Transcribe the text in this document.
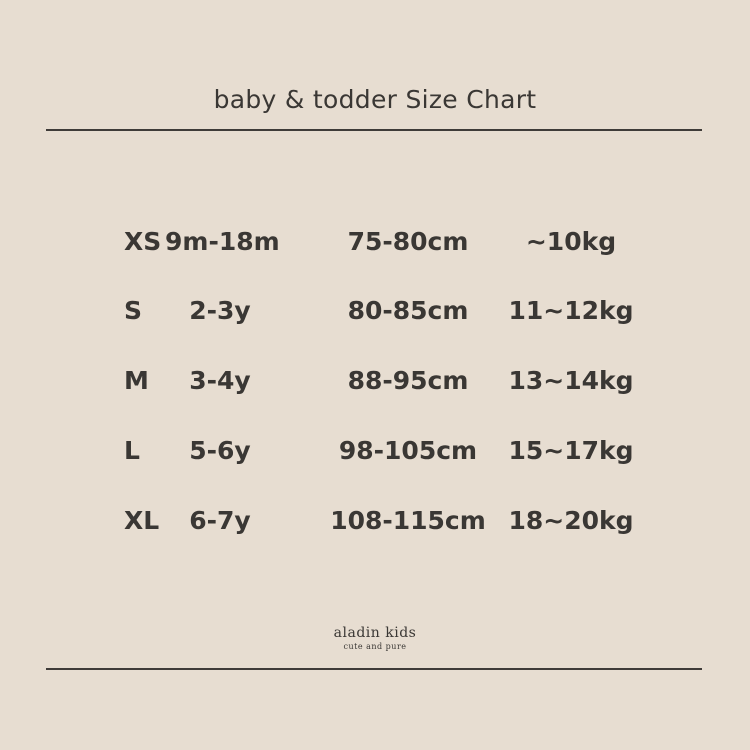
baby & todder Size Chart
XS 9m-18m	75-80cm	~10kg
S	2-3y	80-85cm	11~12kg
M	3-4y	88-95cm	13~14kg
L	5-6y	98-105cm	15~17kg
XL	6-7y	108-115cm 18~20kg
aladin kids
cute and pure
